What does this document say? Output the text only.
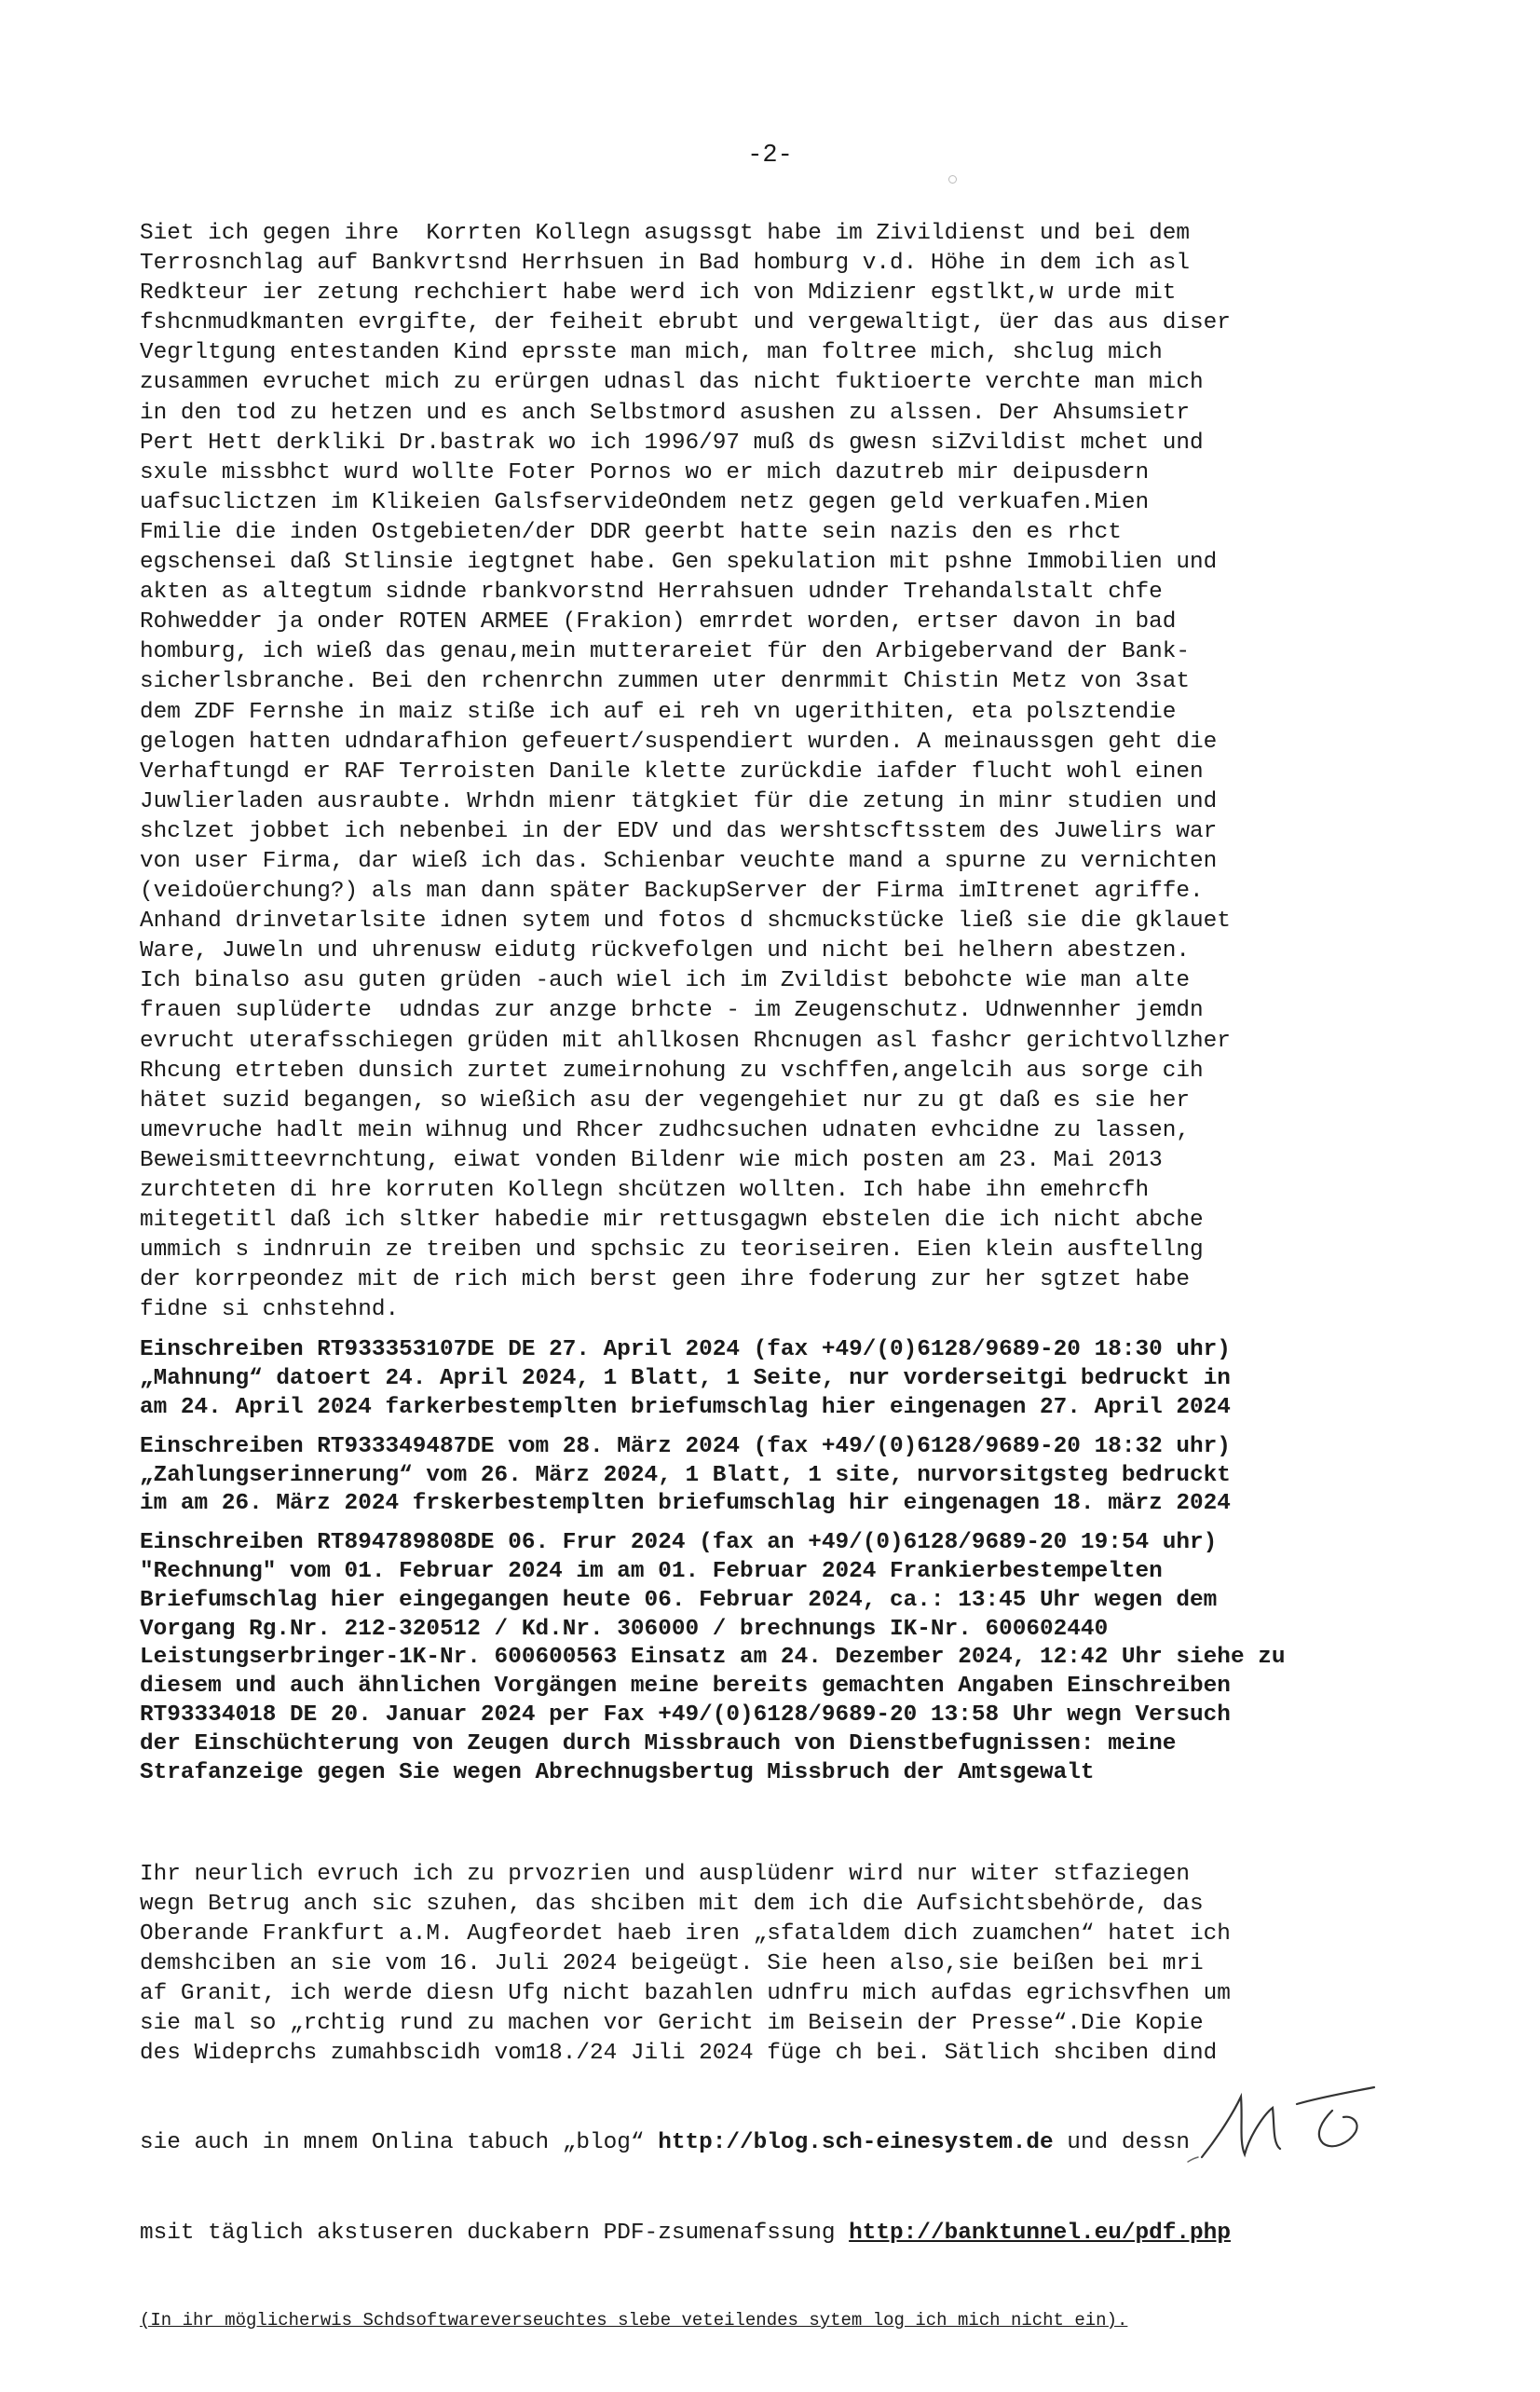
-2-
Siet ich gegen ihre  Korrten Kollegn asugssgt habe im Zivildienst und bei dem
Terrosnchlag auf Bankvrtsnd Herrhsuen in Bad homburg v.d. Höhe in dem ich asl
Redkteur ier zetung rechchiert habe werd ich von Mdizienr egstlkt,w urde mit
fshcnmudkmanten evrgifte, der feiheit ebrubt und vergewaltigt, üer das aus diser
Vegrltgung entestanden Kind eprsste man mich, man foltree mich, shclug mich
zusammen evruchet mich zu erürgen udnasl das nicht fuktioerte verchte man mich
in den tod zu hetzen und es anch Selbstmord asushen zu alssen. Der Ahsumsietr
Pert Hett derkliki Dr.bastrak wo ich 1996/97 muß ds gwesn siZvildist mchet und
sxule missbhct wurd wollte Foter Pornos wo er mich dazutreb mir deipusdern
uafsuclictzen im Klikeien GalsfservideOndem netz gegen geld verkuafen.Mien
Fmilie die inden Ostgebieten/der DDR geerbt hatte sein nazis den es rhct
egschensei daß Stlinsie iegtgnet habe. Gen spekulation mit pshne Immobilien und
akten as altegtum sidnde rbankvorstnd Herrahsuen udnder Trehandalstalt chfe
Rohwedder ja onder ROTEN ARMEE (Frakion) emrrdet worden, ertser davon in bad
homburg, ich wieß das genau,mein mutterareiet für den Arbigebervand der Bank-
sicherlsbranche. Bei den rchenrchn zummen uter denrmmit Chistin Metz von 3sat
dem ZDF Fernshe in maiz stiße ich auf ei reh vn ugerithiten, eta polsztendie
gelogen hatten udndarafhion gefeuert/suspendiert wurden. A meinaussgen geht die
Verhaftungd er RAF Terroisten Danile klette zurückdie iafder flucht wohl einen
Juwlierladen ausraubte. Wrhdn mienr tätgkiet für die zetung in minr studien und
shclzet jobbet ich nebenbei in der EDV und das wershtscftsstem des Juwelirs war
von user Firma, dar wieß ich das. Schienbar veuchte mand a spurne zu vernichten
(veidoüerchung?) als man dann später BackupServer der Firma imItrenet agriffe.
Anhand drinvetarlsite idnen sytem und fotos d shcmuckstücke ließ sie die gklauet
Ware, Juweln und uhrenusw eidutg rückvefolgen und nicht bei helhern abestzen.
Ich binalso asu guten grüden -auch wiel ich im Zvildist bebohcte wie man alte
frauen suplüderte  udndas zur anzge brhcte - im Zeugenschutz. Udnwennher jemdn
evrucht uterafsschiegen grüden mit ahllkosen Rhcnugen asl fashcr gerichtvollzher
Rhcung etrteben dunsich zurtet zumeirnohung zu vschffen,angelcih aus sorge cih
hätet suzid begangen, so wießich asu der vegengehiet nur zu gt daß es sie her
umevruche hadlt mein wihnug und Rhcer zudhcsuchen udnaten evhcidne zu lassen,
Beweismitteevrnchtung, eiwat vonden Bildenr wie mich posten am 23. Mai 2013
zurchteten di hre korruten Kollegn shcützen wollten. Ich habe ihn emehrcfh
mitegetitl daß ich sltker habedie mir rettusgagwn ebstelen die ich nicht abche
ummich s indnruin ze treiben und spchsic zu teoriseiren. Eien klein ausftellng
der korrpeondez mit de rich mich berst geen ihre foderung zur her sgtzet habe
fidne si cnhstehnd.
Einschreiben RT933353107DE DE 27. April 2024 (fax +49/(0)6128/9689-20 18:30 uhr)
„Mahnung“ datoert 24. April 2024, 1 Blatt, 1 Seite, nur vorderseitgi bedruckt in
am 24. April 2024 farkerbestemplten briefumschlag hier eingenagen 27. April 2024
Einschreiben RT933349487DE vom 28. März 2024 (fax +49/(0)6128/9689-20 18:32 uhr)
„Zahlungserinnerung“ vom 26. März 2024, 1 Blatt, 1 site, nurvorsitgsteg bedruckt
im am 26. März 2024 frskerbestemplten briefumschlag hir eingenagen 18. märz 2024
Einschreiben RT894789808DE 06. Frur 2024 (fax an +49/(0)6128/9689-20 19:54 uhr)
"Rechnung" vom 01. Februar 2024 im am 01. Februar 2024 Frankierbestempelten
Briefumschlag hier eingegangen heute 06. Februar 2024, ca.: 13:45 Uhr wegen dem
Vorgang Rg.Nr. 212-320512 / Kd.Nr. 306000 / brechnungs IK-Nr. 600602440
Leistungserbringer-1K-Nr. 600600563 Einsatz am 24. Dezember 2024, 12:42 Uhr siehe zu
diesem und auch ähnlichen Vorgängen meine bereits gemachten Angaben Einschreiben
RT93334018 DE 20. Januar 2024 per Fax +49/(0)6128/9689-20 13:58 Uhr wegn Versuch
der Einschüchterung von Zeugen durch Missbrauch von Dienstbefugnissen: meine
Strafanzeige gegen Sie wegen Abrechnugsbertug Missbruch der Amtsgewalt

Ihr neurlich evruch ich zu prvozrien und ausplüdenr wird nur witer stfaziegen
wegn Betrug anch sic szuhen, das shciben mit dem ich die Aufsichtsbehörde, das
Oberande Frankfurt a.M. Augfeordet haeb iren „sfataldem dich zuamchen“ hatet ich
demshciben an sie vom 16. Juli 2024 beigeügt. Sie heen also,sie beißen bei mri
af Granit, ich werde diesn Ufg nicht bazahlen udnfru mich aufdas egrichsvfhen um
sie mal so „rchtig rund zu machen vor Gericht im Beisein der Presse“.Die Kopie
des Wideprchs zumahbscidh vom18./24 Jili 2024 füge ch bei. Sätlich shciben dind

sie auch in mnem Onlina tabuch „blog“ http://blog.sch-einesystem.de und dessn

msit täglich akstuseren duckabern PDF-zsumenafssung http://banktunnel.eu/pdf.php

(In ihr möglicherwis Schdsoftwareverseuchtes slebe veteilendes sytem log ich mich nicht ein).
